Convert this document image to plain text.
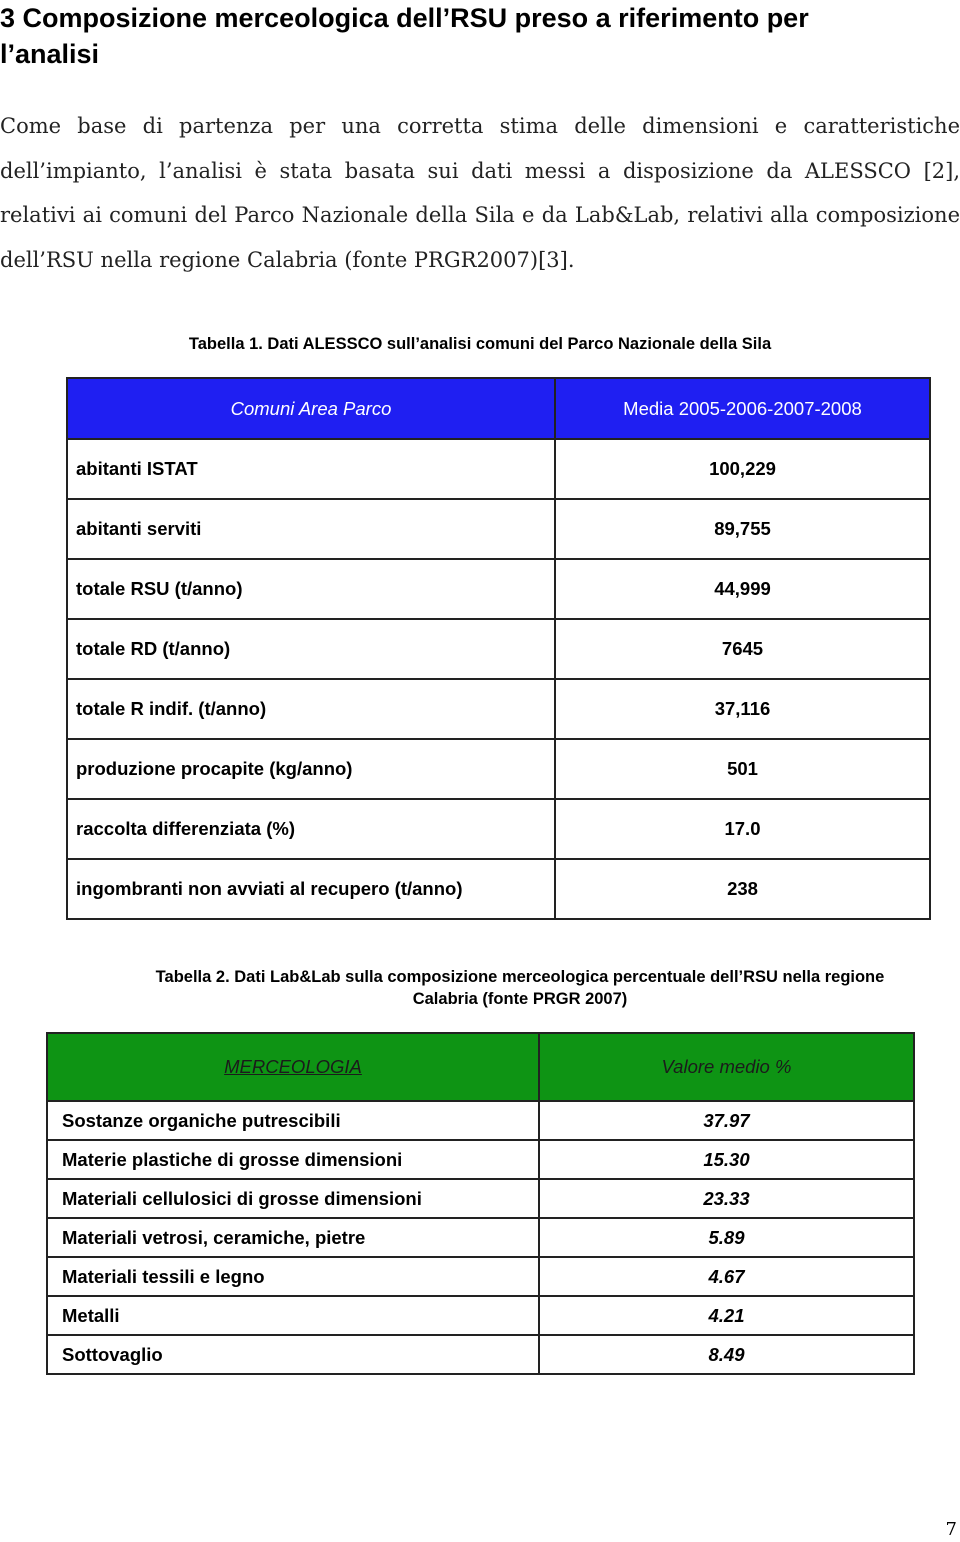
3 Composizione merceologica dell’RSU preso a riferimento per
l’analisi

Come base di partenza per una corretta stima delle dimensioni e caratteristiche
dell’impianto, l’analisi è stata basata sui dati messi a disposizione da ALESSCO [2],
relativi ai comuni del Parco Nazionale della Sila e da Lab&Lab, relativi alla composizione
dell’RSU nella regione Calabria (fonte PRGR2007)[3].

Tabella 1. Dati ALESSCO sull’analisi comuni del Parco Nazionale della Sila
Comuni Area Parco	Media 2005-2006-2007-2008
abitanti ISTAT	100,229
abitanti serviti	89,755
totale RSU (t/anno)	44,999
totale RD (t/anno)	7645
totale R indif. (t/anno)	37,116
produzione procapite (kg/anno)	501
raccolta differenziata (%)	17.0
ingombranti non avviati al recupero (t/anno)	238
Tabella 2. Dati Lab&Lab sulla composizione merceologica percentuale dell’RSU nella regione
Calabria (fonte PRGR 2007)
MERCEOLOGIA	Valore medio %
Sostanze organiche putrescibili	37.97
Materie plastiche di grosse dimensioni	15.30
Materiali cellulosici di grosse dimensioni	23.33
Materiali vetrosi, ceramiche, pietre	5.89
Materiali tessili e legno	4.67
Metalli	4.21
Sottovaglio	8.49
7
